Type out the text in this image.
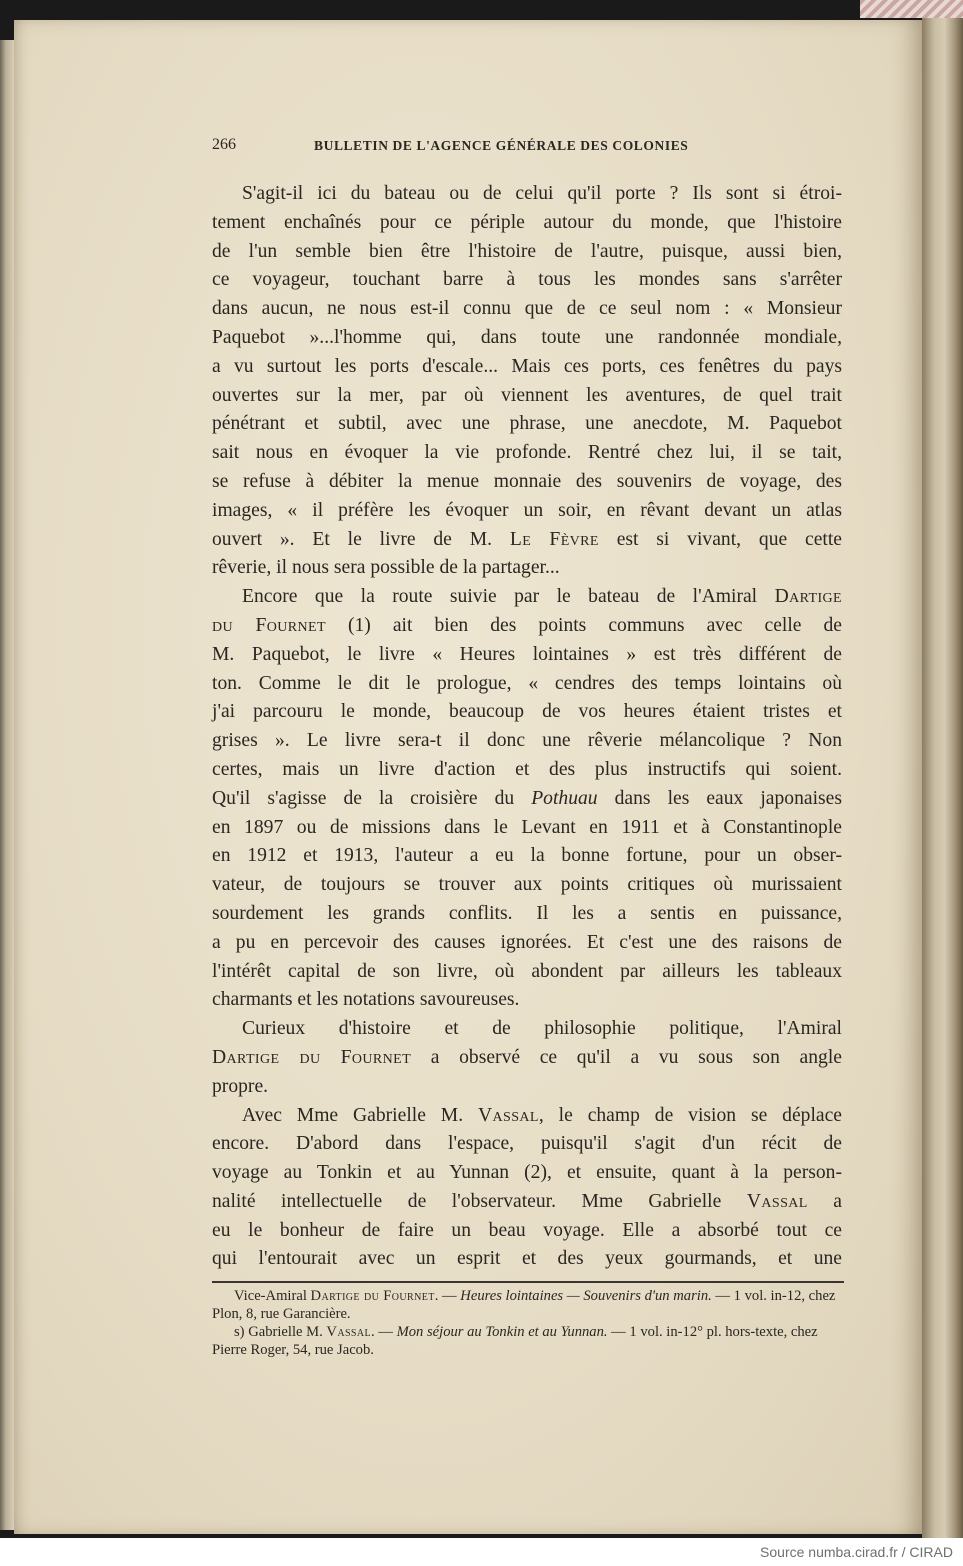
266	BULLETIN DE L'AGENCE GÉNÉRALE DES COLONIES

S'agit-il ici du bateau ou de celui qu'il porte ? Ils sont si étroi-

tement enchaînés pour ce périple autour du monde, que l'histoire

de l'un semble bien être l'histoire de l'autre, puisque, aussi bien,

ce voyageur, touchant barre à tous les mondes sans s'arrêter

dans aucun, ne nous est-il connu que de ce seul nom : « Monsieur

Paquebot »...l'homme qui, dans toute une randonnée mondiale,

a vu surtout les ports d'escale... Mais ces ports, ces fenêtres du pays

ouvertes sur la mer, par où viennent les aventures, de quel trait

pénétrant et subtil, avec une phrase, une anecdote, M. Paquebot

sait nous en évoquer la vie profonde. Rentré chez lui, il se tait,

se refuse à débiter la menue monnaie des souvenirs de voyage, des

images, « il préfère les évoquer un soir, en rêvant devant un atlas

ouvert ». Et le livre de M. Le Fèvre est si vivant, que cette

rêverie, il nous sera possible de la partager...

Encore que la route suivie par le bateau de l'Amiral Dartige

du Fournet (1) ait bien des points communs avec celle de

M. Paquebot, le livre « Heures lointaines » est très différent de

ton. Comme le dit le prologue, « cendres des temps lointains où

j'ai parcouru le monde, beaucoup de vos heures étaient tristes et

grises ». Le livre sera-t il donc une rêverie mélancolique ? Non

certes, mais un livre d'action et des plus instructifs qui soient.

Qu'il s'agisse de la croisière du Pothuau dans les eaux japonaises

en 1897 ou de missions dans le Levant en 1911 et à Constantinople

en 1912 et 1913, l'auteur a eu la bonne fortune, pour un obser-

vateur, de toujours se trouver aux points critiques où murissaient

sourdement les grands conflits. Il les a sentis en puissance,

a pu en percevoir des causes ignorées. Et c'est une des raisons de

l'intérêt capital de son livre, où abondent par ailleurs les tableaux

charmants et les notations savoureuses.

Curieux d'histoire et de philosophie politique, l'Amiral

Dartige du Fournet a observé ce qu'il a vu sous son angle

propre.

Avec Mme Gabrielle M. Vassal, le champ de vision se déplace

encore. D'abord dans l'espace, puisqu'il s'agit d'un récit de

voyage au Tonkin et au Yunnan (2), et ensuite, quant à la person-

nalité intellectuelle de l'observateur. Mme Gabrielle Vassal a

eu le bonheur de faire un beau voyage. Elle a absorbé tout ce

qui l'entourait avec un esprit et des yeux gourmands, et une

Vice-Amiral Dartige du Fournet. — Heures lointaines — Souvenirs d'un marin. — 1 vol. in-12, chez Plon, 8, rue Garancière.

s) Gabrielle M. Vassal. — Mon séjour au Tonkin et au Yunnan. — 1 vol. in-12° pl. hors-texte, chez Pierre Roger, 54, rue Jacob.

Source numba.cirad.fr / CIRAD
